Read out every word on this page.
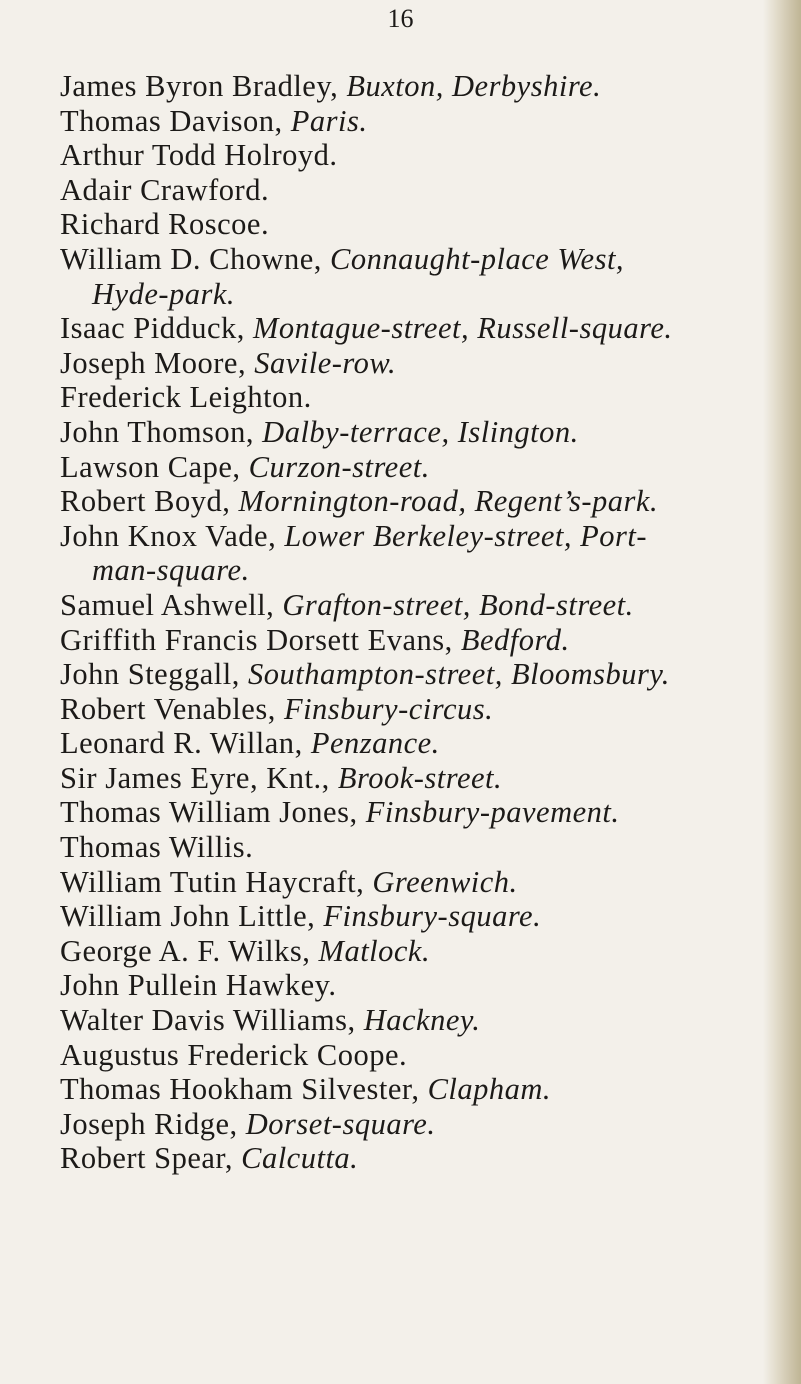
16
James Byron Bradley, Buxton, Derbyshire.
Thomas Davison, Paris.
Arthur Todd Holroyd.
Adair Crawford.
Richard Roscoe.
William D. Chowne, Connaught-place West,
Hyde-park.
Isaac Pidduck, Montague-street, Russell-square.
Joseph Moore, Savile-row.
Frederick Leighton.
John Thomson, Dalby-terrace, Islington.
Lawson Cape, Curzon-street.
Robert Boyd, Mornington-road, Regent’s-park.
John Knox Vade, Lower Berkeley-street, Port-
man-square.
Samuel Ashwell, Grafton-street, Bond-street.
Griffith Francis Dorsett Evans, Bedford.
John Steggall, Southampton-street, Bloomsbury.
Robert Venables, Finsbury-circus.
Leonard R. Willan, Penzance.
Sir James Eyre, Knt., Brook-street.
Thomas William Jones, Finsbury-pavement.
Thomas Willis.
William Tutin Haycraft, Greenwich.
William John Little, Finsbury-square.
George A. F. Wilks, Matlock.
John Pullein Hawkey.
Walter Davis Williams, Hackney.
Augustus Frederick Coope.
Thomas Hookham Silvester, Clapham.
Joseph Ridge, Dorset-square.
Robert Spear, Calcutta.
